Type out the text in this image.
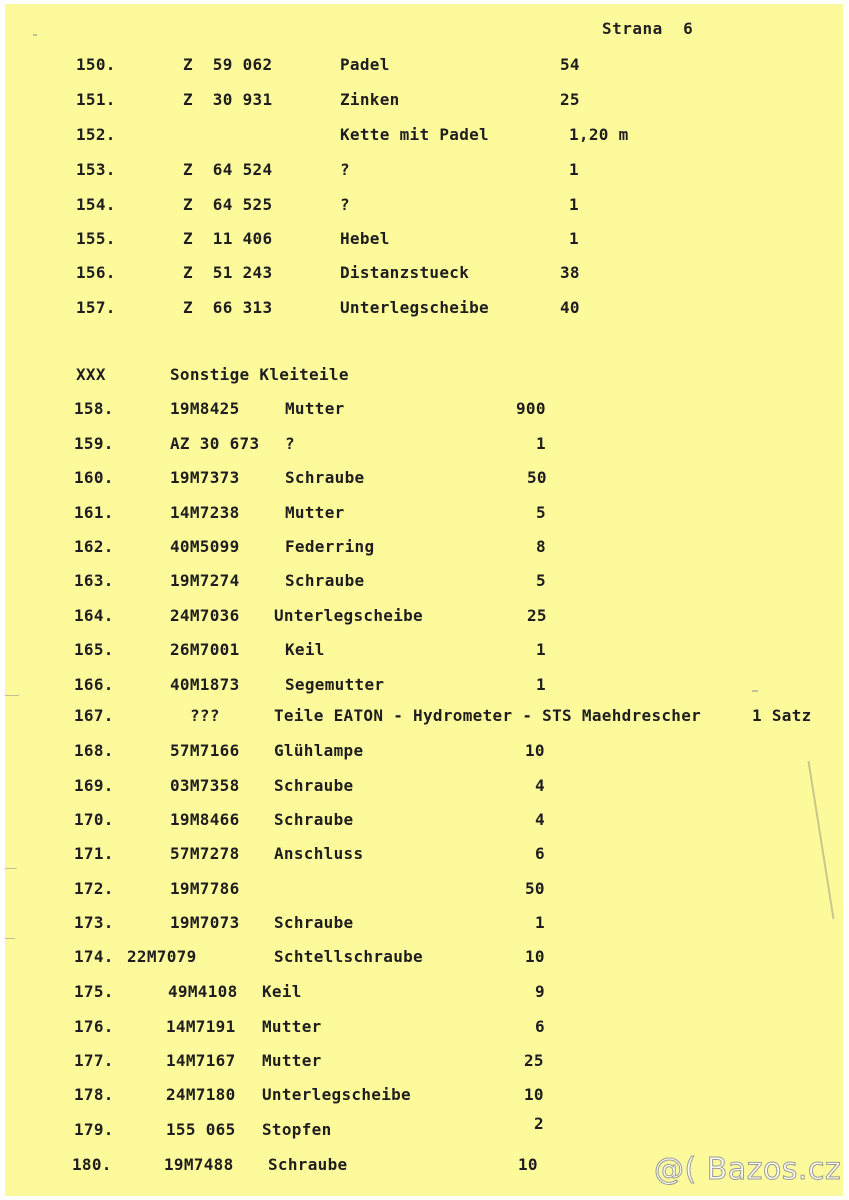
Strana 6
150.	Z  59 062	Padel	54
151.	Z  30 931	Zinken	25
152.	Kette mit Padel	1,20 m
153.	Z  64 524	?	1
154.	Z  64 525	?	1
155.	Z  11 406	Hebel	1
156.	Z  51 243	Distanzstueck	38
157.	Z  66 313	Unterlegscheibe	40
XXX	Sonstige Kleiteile
158.	19M8425	Mutter	900
159.	AZ 30 673 ?	1
160.	19M7373	Schraube	50
161.	14M7238	Mutter	5
162.	40M5099	Federring	8
163.	19M7274	Schraube	5
164.	24M7036 Unterlegscheibe	25
165.	26M7001	Keil	1
166.	40M1873	Segemutter	1
167.	???	Teile EATON - Hydrometer - STS Maehdrescher	1 Satz
168.	57M7166 Glühlampe	10
169.	03M7358 Schraube	4
170.	19M8466 Schraube	4
171.	57M7278 Anschluss	6
172.	19M7786	50
173.	19M7073 Schraube	1
174. 22M7079	Schtellschraube	10
175.	49M4108 Keil	9
176.	14M7191 Mutter	6
177.	14M7167 Mutter	25
178.	24M7180 Unterlegscheibe	10
179.	155 065 Stopfen	2
180.	19M7488 Schraube	10	@( Bazos.cz
